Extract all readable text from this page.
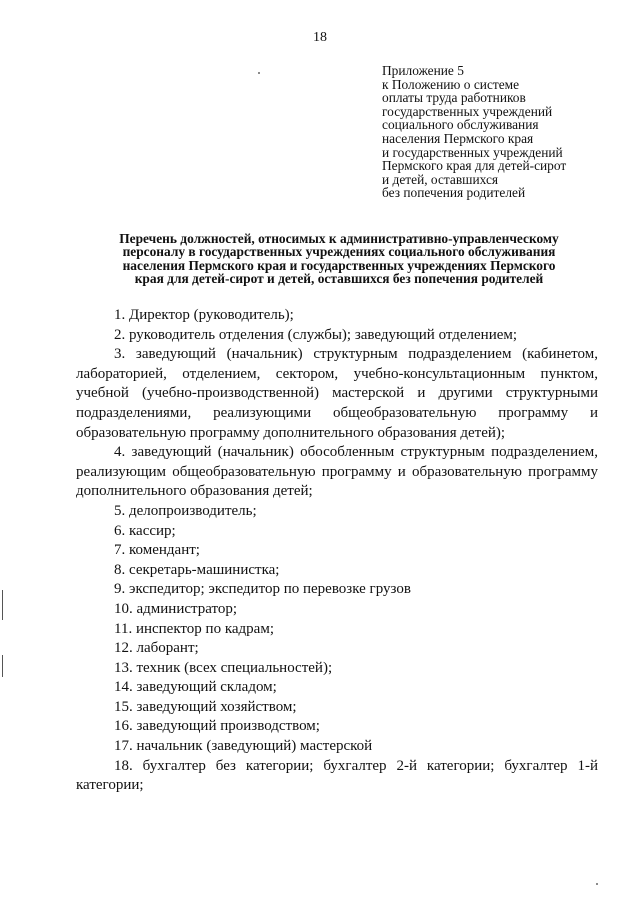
18
Приложение 5
к Положению о системе
оплаты труда работников
государственных учреждений
социального обслуживания
населения Пермского края
и государственных учреждений
Пермского края для детей-сирот
и детей, оставшихся
без попечения родителей
Перечень должностей, относимых к административно-управленческому
персоналу в государственных учреждениях социального обслуживания
населения Пермского края и государственных учреждениях Пермского
края для детей-сирот и детей, оставшихся без попечения родителей

1. Директор (руководитель);

2. руководитель отделения (службы); заведующий отделением;

3. заведующий (начальник) структурным подразделением (кабинетом, лабораторией, отделением, сектором, учебно-консультационным пунктом, учебной (учебно-производственной) мастерской и другими структурными подразделениями, реализующими общеобразовательную программу и образовательную программу дополнительного образования детей);

4. заведующий (начальник) обособленным структурным подразделением, реализующим общеобразовательную программу и образовательную программу дополнительного образования детей;

5. делопроизводитель;

6. кассир;

7. комендант;

8. секретарь-машинистка;

9. экспедитор; экспедитор по перевозке грузов

10. администратор;

11. инспектор по кадрам;

12. лаборант;

13. техник (всех специальностей);

14. заведующий складом;

15. заведующий хозяйством;

16. заведующий производством;

17. начальник (заведующий) мастерской

18. бухгалтер без категории; бухгалтер 2-й категории; бухгалтер 1-й категории;
